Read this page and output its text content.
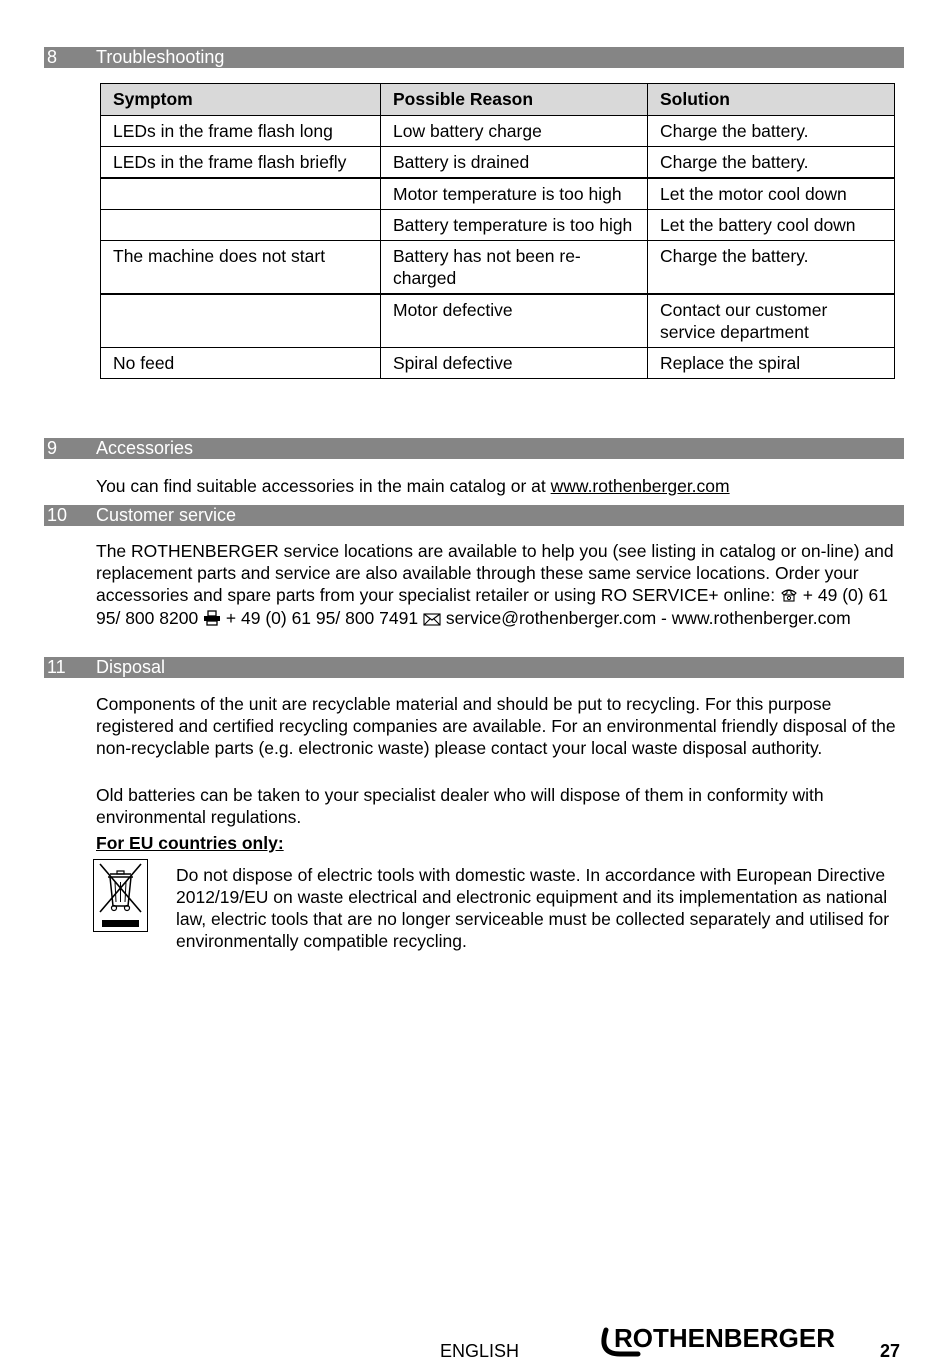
8 Troubleshooting
Symptom	Possible Reason	Solution
LEDs in the frame flash long	Low battery charge	Charge the battery.
LEDs in the frame flash briefly	Battery is drained	Charge the battery.
	Motor temperature is too high	Let the motor cool down
	Battery temperature is too high	Let the battery cool down
The machine does not start	Battery has not been re-charged	Charge the battery.
	Motor defective	Contact our customer service department
No feed	Spiral defective	Replace the spiral
9 Accessories
You can find suitable accessories in the main catalog or at www.rothenberger.com
10 Customer service
The ROTHENBERGER service locations are available to help you (see listing in catalog or on-line) and replacement parts and service are also available through these same service locations. Order your accessories and spare parts from your specialist retailer or using RO SERVICE+ online:  + 49 (0) 61 95/ 800 8200  + 49 (0) 61 95/ 800 7491  service@rothenberger.com - www.rothenberger.com
11 Disposal
Components of the unit are recyclable material and should be put to recycling. For this purpose registered and certified recycling companies are available. For an environmental friendly disposal of the non-recyclable parts (e.g. electronic waste) please contact your local waste disposal authority.
Old batteries can be taken to your specialist dealer who will dispose of them in conformity with environmental regulations.
For EU countries only:
Do not dispose of electric tools with domestic waste. In accordance with European Directive 2012/19/EU on waste electrical and electronic equipment and its implementation as national law, electric tools that are no longer serviceable must be collected separately and utilised for environmentally compatible recycling.
ENGLISH	ROTHENBERGER 27
